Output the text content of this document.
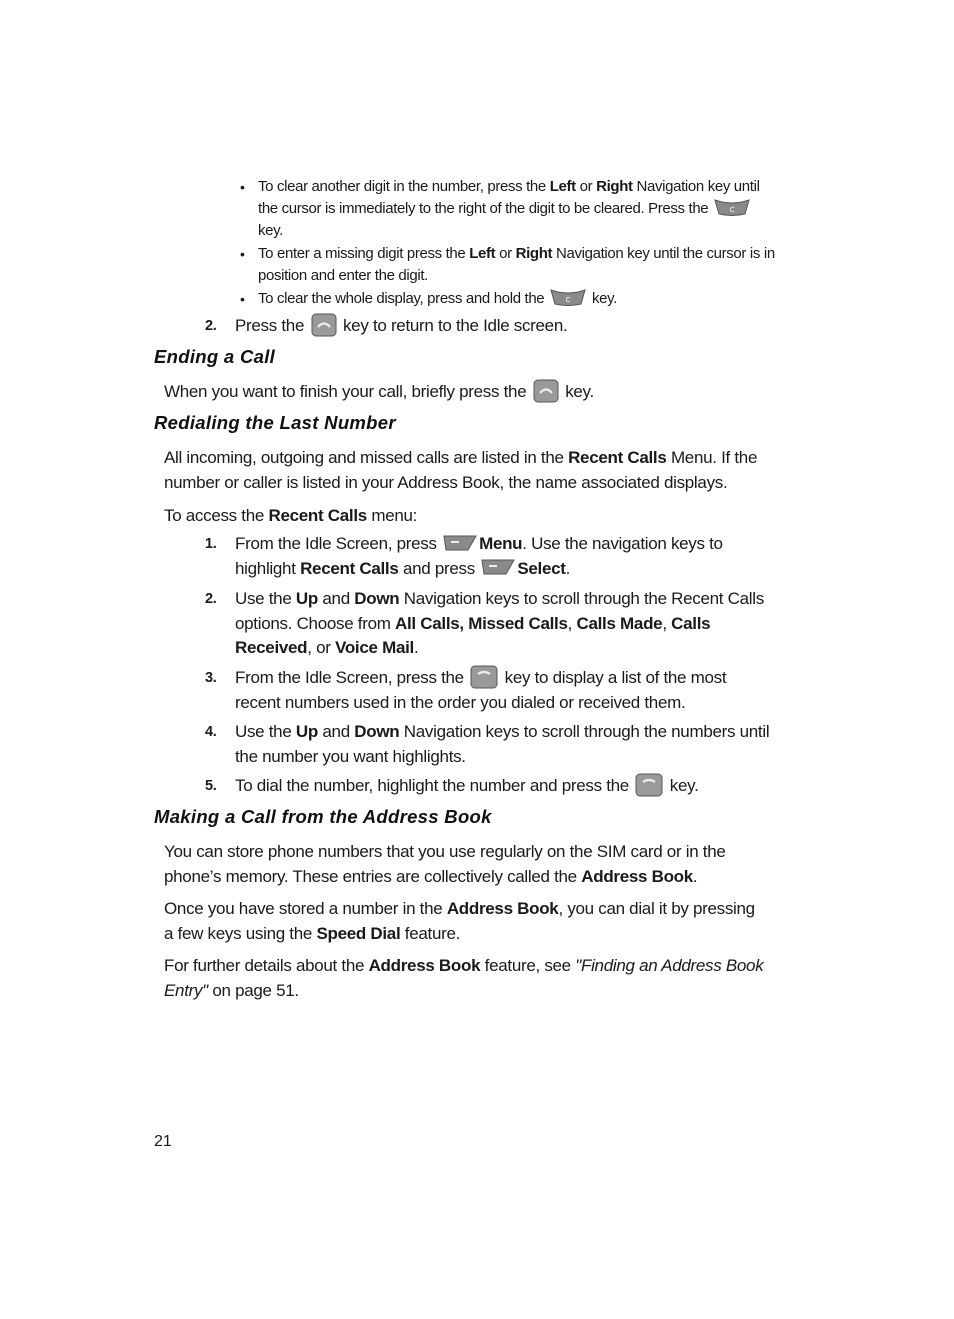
• To clear another digit in the number, press the Left or Right Navigation key until the cursor is immediately to the right of the digit to be cleared. Press the	C
key.
• To enter a missing digit press the Left or Right Navigation key until the cursor is in position and enter the digit.
• To clear the whole display, press and hold the	C key.
2. Press the  key to return to the Idle screen.
Ending a Call
When you want to finish your call, briefly press the  key.
Redialing the Last Number
All incoming, outgoing and missed calls are listed in the Recent Calls Menu. If the number or caller is listed in your Address Book, the name associated displays.
To access the Recent Calls menu:
1. From the Idle Screen, press Menu. Use the navigation keys to highlight Recent Calls and press Select.
2. Use the Up and Down Navigation keys to scroll through the Recent Calls options. Choose from All Calls, Missed Calls, Calls Made, Calls Received, or Voice Mail.
3. From the Idle Screen, press the  key to display a list of the most recent numbers used in the order you dialed or received them.
4. Use the Up and Down Navigation keys to scroll through the numbers until the number you want highlights.
5. To dial the number, highlight the number and press the  key.
Making a Call from the Address Book
You can store phone numbers that you use regularly on the SIM card or in the phone’s memory. These entries are collectively called the Address Book.
Once you have stored a number in the Address Book, you can dial it by pressing a few keys using the Speed Dial feature.
For further details about the Address Book feature, see "Finding an Address Book Entry" on page 51.
21
